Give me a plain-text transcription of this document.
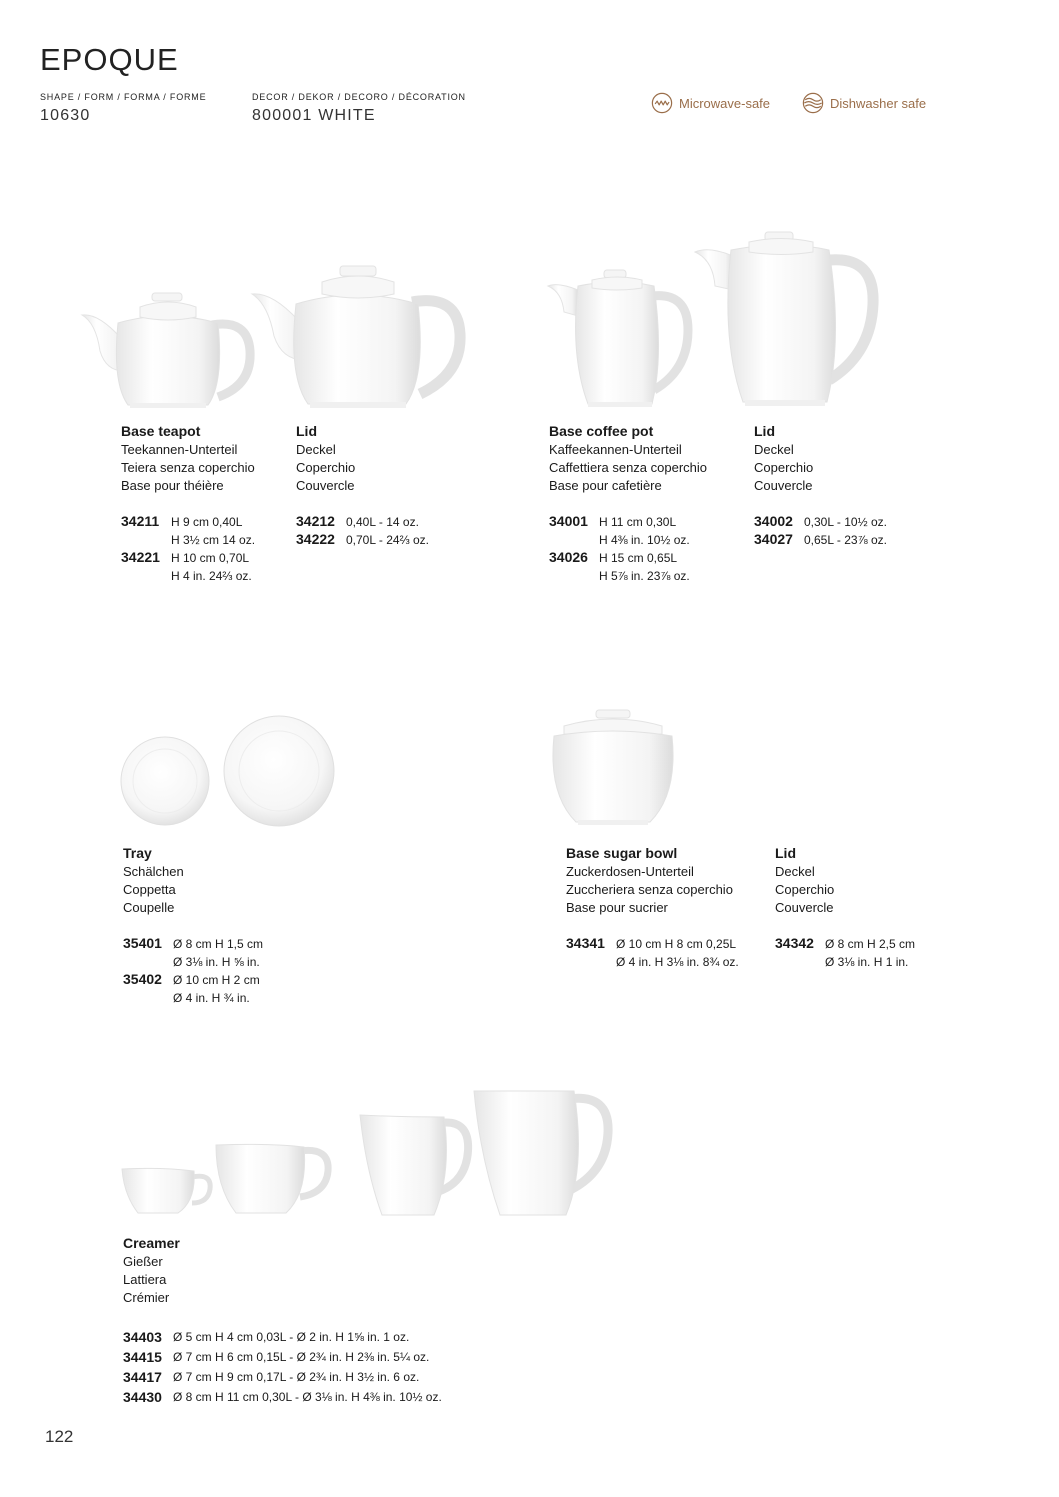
EPOQUE
SHAPE / FORM / FORMA / FORME
10630
DECOR / DEKOR / DECORO / DÉCORATION
800001 WHITE
Microwave-safe	Dishwasher safe
Base teapot
Teekannen-Unterteil
Teiera senza coperchio
Base pour théière
34211 H 9 cm 0,40L
H 3½ cm 14 oz.
34221 H 10 cm 0,70L
H 4 in. 24⅔ oz.
Lid
Deckel
Coperchio
Couvercle
34212 0,40L - 14 oz.
34222 0,70L - 24⅔ oz.
Base coffee pot
Kaffeekannen-Unterteil
Caffettiera senza coperchio
Base pour cafetière
34001 H 11 cm 0,30L
H 4⅜ in. 10½ oz.
34026 H 15 cm 0,65L
H 5⅞ in. 23⅞ oz.
Lid
Deckel
Coperchio
Couvercle
34002 0,30L - 10½ oz.
34027 0,65L - 23⅞ oz.
Tray
Schälchen
Coppetta
Coupelle
35401 Ø 8 cm H 1,5 cm
Ø 3⅛ in. H ⅝ in.
35402 Ø 10 cm H 2 cm
Ø 4 in. H ¾ in.
Base sugar bowl
Zuckerdosen-Unterteil
Zuccheriera senza coperchio
Base pour sucrier
34341 Ø 10 cm H 8 cm 0,25L
Ø 4 in. H 3⅛ in. 8¾ oz.
Lid
Deckel
Coperchio
Couvercle
34342 Ø 8 cm H 2,5 cm
Ø 3⅛ in. H 1 in.
Creamer
Gießer
Lattiera
Crémier
34403 Ø 5 cm H 4 cm 0,03L - Ø 2 in. H 1⅝ in. 1 oz.
34415 Ø 7 cm H 6 cm 0,15L - Ø 2¾ in. H 2⅜ in. 5¼ oz.
34417 Ø 7 cm H 9 cm 0,17L - Ø 2¾ in. H 3½ in. 6 oz.
34430 Ø 8 cm H 11 cm 0,30L - Ø 3⅛ in. H 4⅜ in. 10½ oz.
122
